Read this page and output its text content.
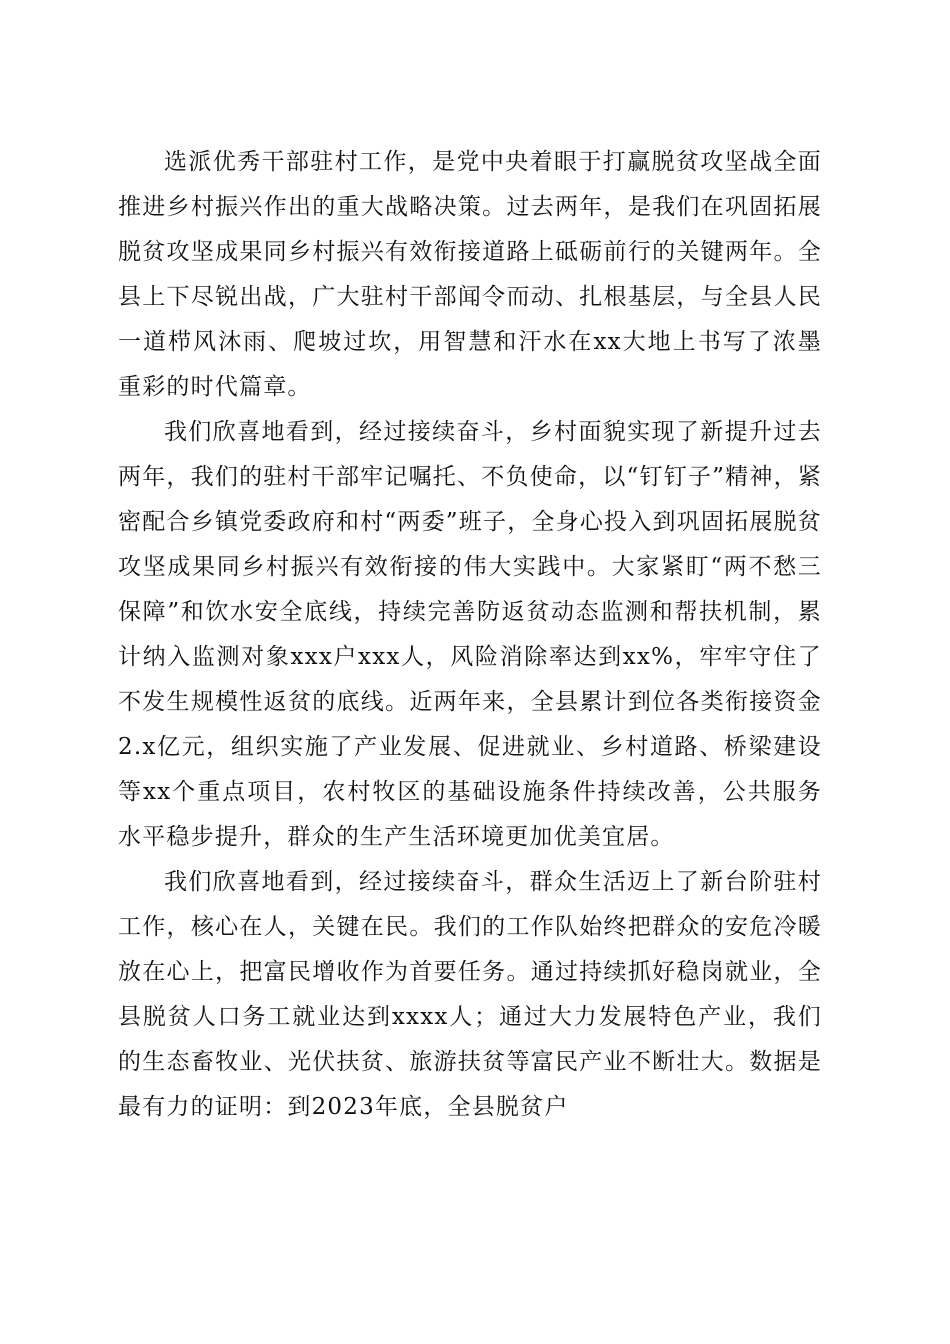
选派优秀干部驻村工作，是党中央着眼于打赢脱贫攻坚战全面推进乡村振兴作出的重大战略决策。过去两年，是我们在巩固拓展脱贫攻坚成果同乡村振兴有效衔接道路上砥砺前行的关键两年。全县上下尽锐出战，广大驻村干部闻令而动、扎根基层，与全县人民一道栉风沐雨、爬坡过坎，用智慧和汗水在xx大地上书写了浓墨重彩的时代篇章。

我们欣喜地看到，经过接续奋斗，乡村面貌实现了新提升过去两年，我们的驻村干部牢记嘱托、不负使命，以“钉钉子”精神，紧密配合乡镇党委政府和村“两委”班子，全身心投入到巩固拓展脱贫攻坚成果同乡村振兴有效衔接的伟大实践中。大家紧盯“两不愁三保障”和饮水安全底线，持续完善防返贫动态监测和帮扶机制，累计纳入监测对象xxx户xxx人，风险消除率达到xx%，牢牢守住了不发生规模性返贫的底线。近两年来，全县累计到位各类衔接资金2.x亿元，组织实施了产业发展、促进就业、乡村道路、桥梁建设等xx个重点项目，农村牧区的基础设施条件持续改善，公共服务水平稳步提升，群众的生产生活环境更加优美宜居。

我们欣喜地看到，经过接续奋斗，群众生活迈上了新台阶驻村工作，核心在人，关键在民。我们的工作队始终把群众的安危冷暖放在心上，把富民增收作为首要任务。通过持续抓好稳岗就业，全县脱贫人口务工就业达到xxxx人；通过大力发展特色产业，我们的生态畜牧业、光伏扶贫、旅游扶贫等富民产业不断壮大。数据是最有力的证明：到2023年底，全县脱贫户
